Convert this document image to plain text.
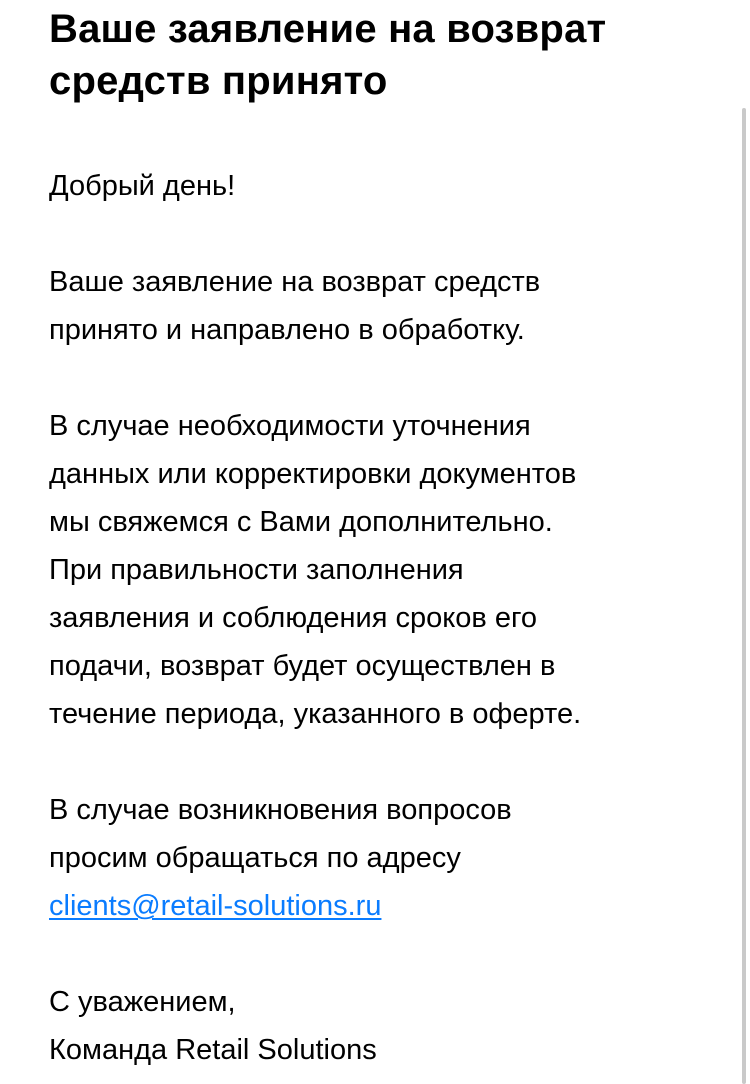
Ваше заявление на возврат
средств принято

Добрый день!

Ваше заявление на возврат средств
принято и направлено в обработку.

В случае необходимости уточнения
данных или корректировки документов
мы свяжемся с Вами дополнительно.
При правильности заполнения
заявления и соблюдения сроков его
подачи, возврат будет осуществлен в
течение периода, указанного в оферте.

В случае возникновения вопросов
просим обращаться по адресу
clients@retail-solutions.ru

С уважением,
Команда Retail Solutions
